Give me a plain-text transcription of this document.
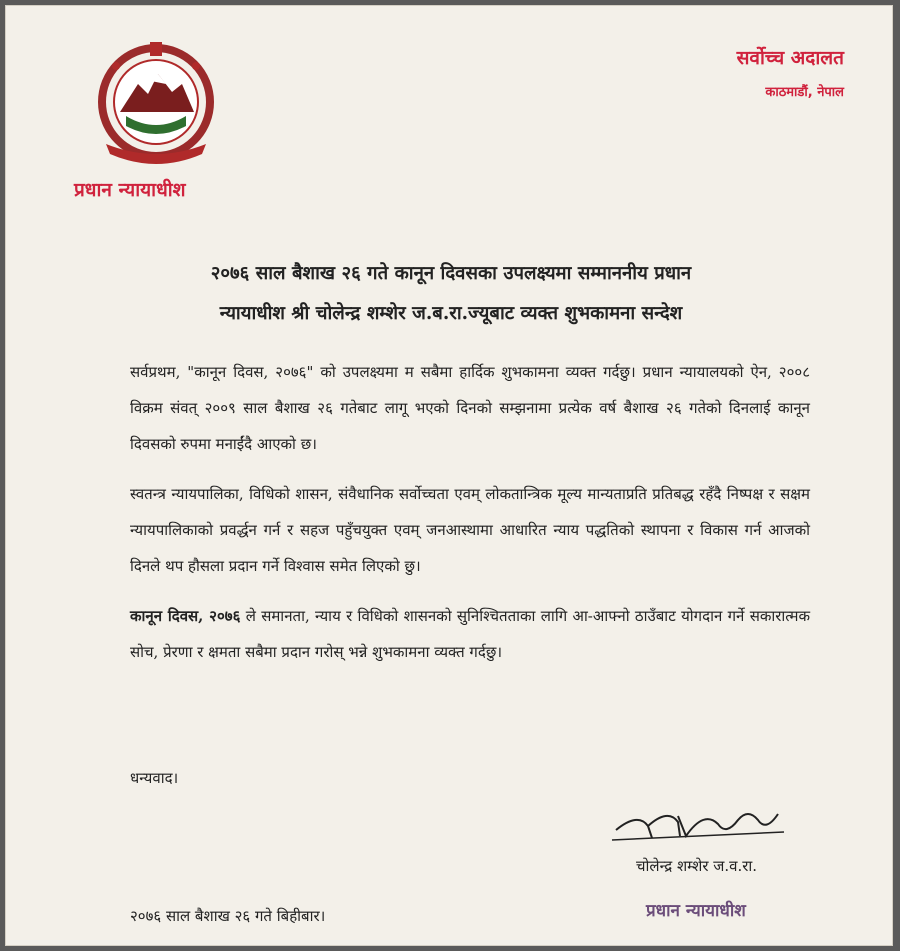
प्रधान न्यायाधीश
सर्वोच्च अदालत
काठमाडौं, नेपाल
२०७६ साल बैशाख २६ गते कानून दिवसका उपलक्ष्यमा सम्माननीय प्रधान
न्यायाधीश श्री चोलेन्द्र शम्शेर ज.ब.रा.ज्यूबाट व्यक्त शुभकामना सन्देश

सर्वप्रथम, "कानून दिवस, २०७६" को उपलक्ष्यमा म सबैमा हार्दिक शुभकामना व्यक्त गर्दछु। प्रधान न्यायालयको ऐन, २००८ विक्रम संवत् २००९ साल बैशाख २६ गतेबाट लागू भएको दिनको सम्झनामा प्रत्येक वर्ष बैशाख २६ गतेको दिनलाई कानून दिवसको रुपमा मनाईंदै आएको छ।

स्वतन्त्र न्यायपालिका, विधिको शासन, संवैधानिक सर्वोच्चता एवम् लोकतान्त्रिक मूल्य मान्यताप्रति प्रतिबद्ध रहँदै निष्पक्ष र सक्षम न्यायपालिकाको प्रवर्द्धन गर्न र सहज पहुँचयुक्त एवम् जनआस्थामा आधारित न्याय पद्धतिको स्थापना र विकास गर्न आजको दिनले थप हौसला प्रदान गर्ने विश्वास समेत लिएको छु।

कानून दिवस, २०७६ ले समानता, न्याय र विधिको शासनको सुनिश्चितताका लागि आ-आफ्नो ठाउँबाट योगदान गर्ने सकारात्मक सोच, प्रेरणा र क्षमता सबैमा प्रदान गरोस् भन्ने शुभकामना व्यक्त गर्दछु।

धन्यवाद।
चोलेन्द्र शम्शेर ज.व.रा.
प्रधान न्यायाधीश
२०७६ साल बैशाख २६ गते बिहीबार।
